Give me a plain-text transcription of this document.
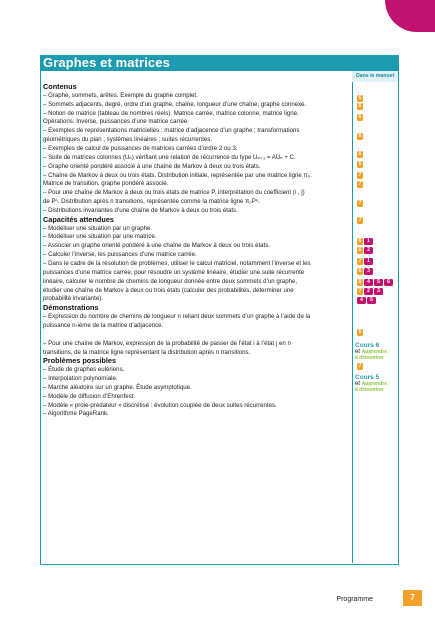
Graphes et matrices
Dans le manuel
Contenus
– Graphe, sommets, arêtes. Exemple du graphe complet.
– Sommets adjacents, degré, ordre d’un graphe, chaîne, longueur d’une chaîne, graphe connexe.
– Notion de matrice (tableau de nombres réels). Matrice carrée, matrice colonne, matrice ligne.
Opérations. Inverse, puissances d’une matrice carrée.
– Exemples de représentations matricielles : matrice d’adjacence d’un graphe ; transformations
géométriques du plan ; systèmes linéaires ; suites récurrentes.
– Exemples de calcul de puissances de matrices carrées d’ordre 2 ou 3.
– Suite de matrices colonnes (Uₙ) vérifiant une relation de récurrence du type Uₙ₊₁ = AUₙ + C.
– Graphe orienté pondéré associé à une chaîne de Markov à deux ou trois états.
– Chaîne de Markov à deux ou trois états. Distribution initiale, représentée par une matrice ligne π₀.
Matrice de transition, graphe pondéré associé.
– Pour une chaîne de Markov à deux ou trois états de matrice P, interprétation du coefficient (i , j)
de Pⁿ. Distribution après n transitions, représentée comme la matrice ligne π₀Pⁿ.
– Distributions invariantes d’une chaîne de Markov à deux ou trois états.
Capacités attendues
– Modéliser une situation par un graphe.
– Modéliser une situation par une matrice.
– Associer un graphe orienté pondéré à une chaîne de Markov à deux ou trois états.
– Calculer l’inverse, les puissances d’une matrice carrée.
– Dans le cadre de la résolution de problèmes, utiliser le calcul matriciel, notamment l’inverse et les
puissances d’une matrice carrée, pour résoudre un système linéaire, étudier une suite récurrente
linéaire, calculer le nombre de chemins de longueur donnée entre deux sommets d’un graphe,
étudier une chaîne de Markov à deux ou trois états (calculer des probabilités, déterminer une
probabilité invariante).
Démonstrations
– Expression du nombre de chemins de longueur n reliant deux sommets d’un graphe à l’aide de la
puissance n-ième de la matrice d’adjacence.
– Pour une chaîne de Markov, expression de la probabilité de passer de l’état i à l’état j en n
transitions, de la matrice ligne représentant la distribution après n transitions.
Problèmes possibles
– Étude de graphes eulériens.
– Interpolation polynomiale.
– Marche aléatoire sur un graphe. Étude asymptotique.
– Modèle de diffusion d’Ehrenfest.
– Modèle « proie-prédateur » discrétisé : évolution couplée de deux suites récurrentes.
– Algorithme PageRank.
6
6
6
6
6
6
7
7
7
7
6	1
6	2
7	1
6	3
6	4	5	6
7	2	3
4	5
6
7
Cours 6
et Apprendre
à démontrer
Cours 5
et Apprendre
à démontrer
Programme	7
